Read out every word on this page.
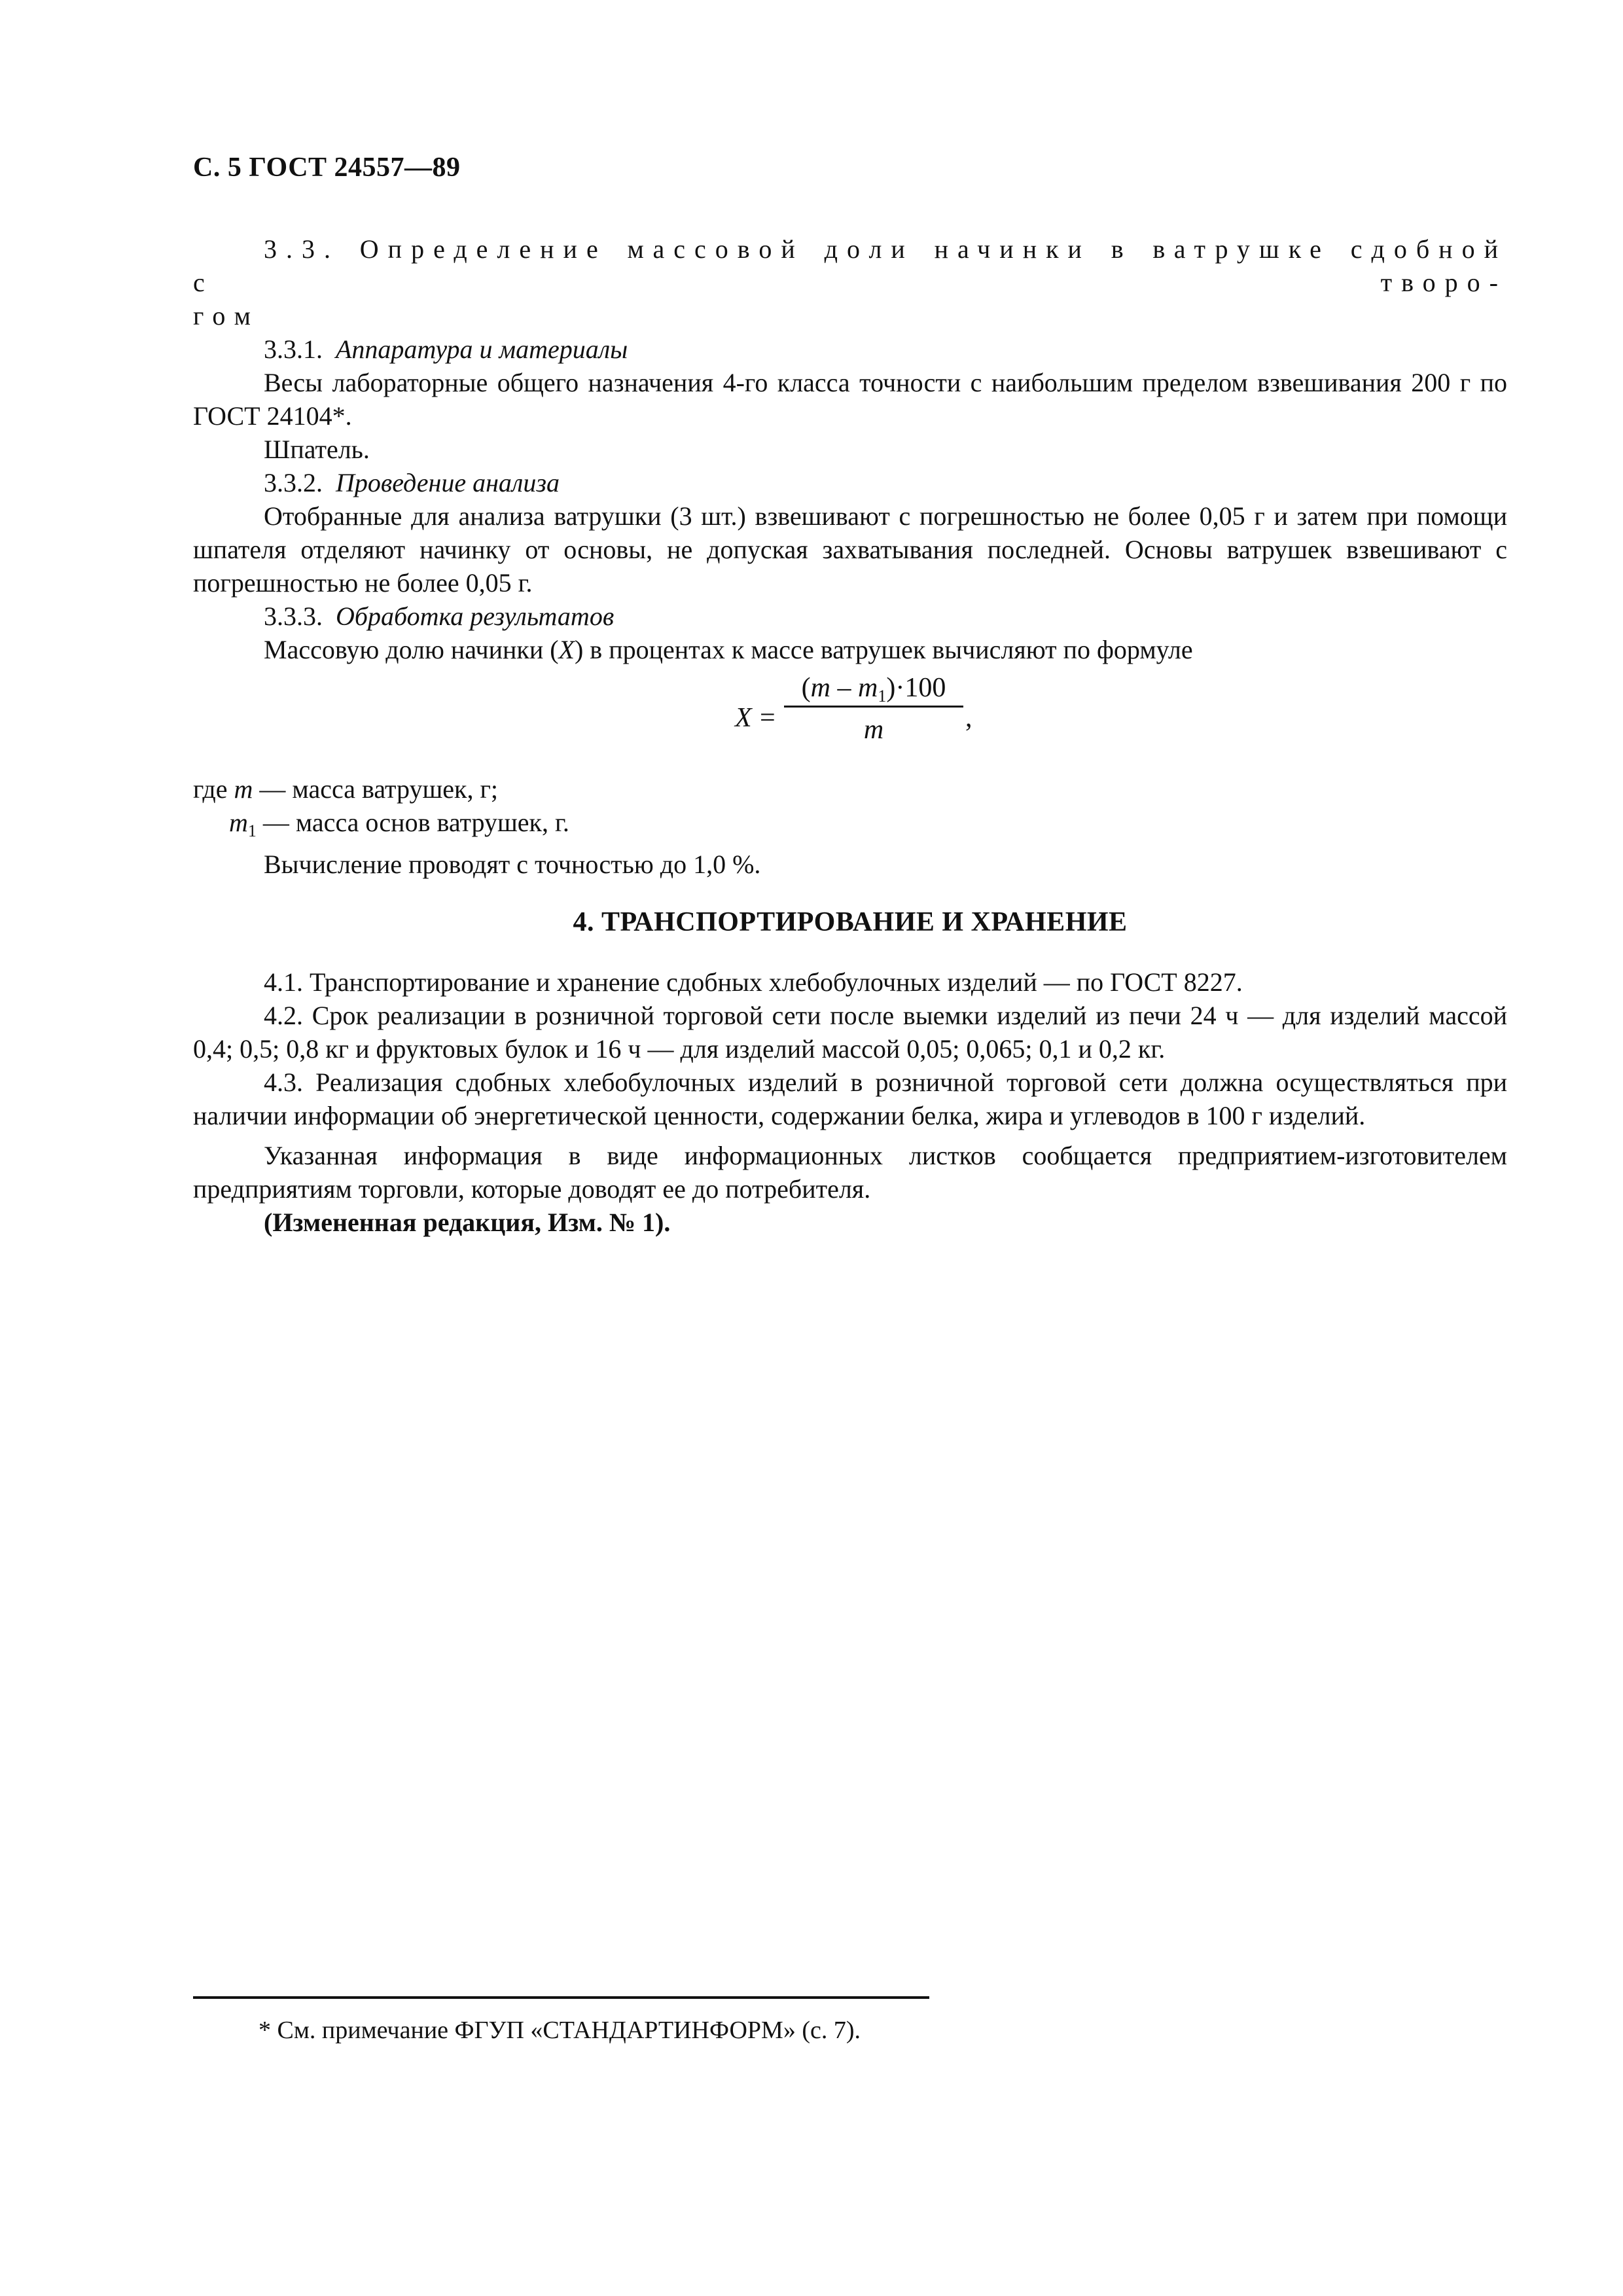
С. 5 ГОСТ 24557—89

3.3. Определение массовой доли начинки в ватрушке сдобной с творо-

гом

3.3.1. Аппаратура и материалы

Весы лабораторные общего назначения 4-го класса точности с наибольшим пределом взвешивания 200 г по ГОСТ 24104*.

Шпатель.

3.3.2. Проведение анализа

Отобранные для анализа ватрушки (3 шт.) взвешивают с погрешностью не более 0,05 г и затем при помощи шпателя отделяют начинку от основы, не допуская захватывания последней. Основы ватрушек взвешивают с погрешностью не более 0,05 г.

3.3.3. Обработка результатов

Массовую долю начинки (X) в процентах к массе ватрушек вычисляют по формуле

X =
$(m - m_1)\cdot 100$
m	,

где m — масса ватрушек, г;

$m_1$ — масса основ ватрушек, г.

Вычисление проводят с точностью до 1,0 %.

4. ТРАНСПОРТИРОВАНИЕ И ХРАНЕНИЕ

4.1. Транспортирование и хранение сдобных хлебобулочных изделий — по ГОСТ 8227.

4.2. Срок реализации в розничной торговой сети после выемки изделий из печи 24 ч — для изделий массой 0,4; 0,5; 0,8 кг и фруктовых булок и 16 ч — для изделий массой 0,05; 0,065; 0,1 и 0,2 кг.

4.3. Реализация сдобных хлебобулочных изделий в розничной торговой сети должна осуществляться при наличии информации об энергетической ценности, содержании белка, жира и углеводов в 100 г изделий.

Указанная информация в виде информационных листков сообщается предприятием-изготовителем предприятиям торговли, которые доводят ее до потребителя.

(Измененная редакция, Изм. № 1).

* См. примечание ФГУП «СТАНДАРТИНФОРМ» (с. 7).
